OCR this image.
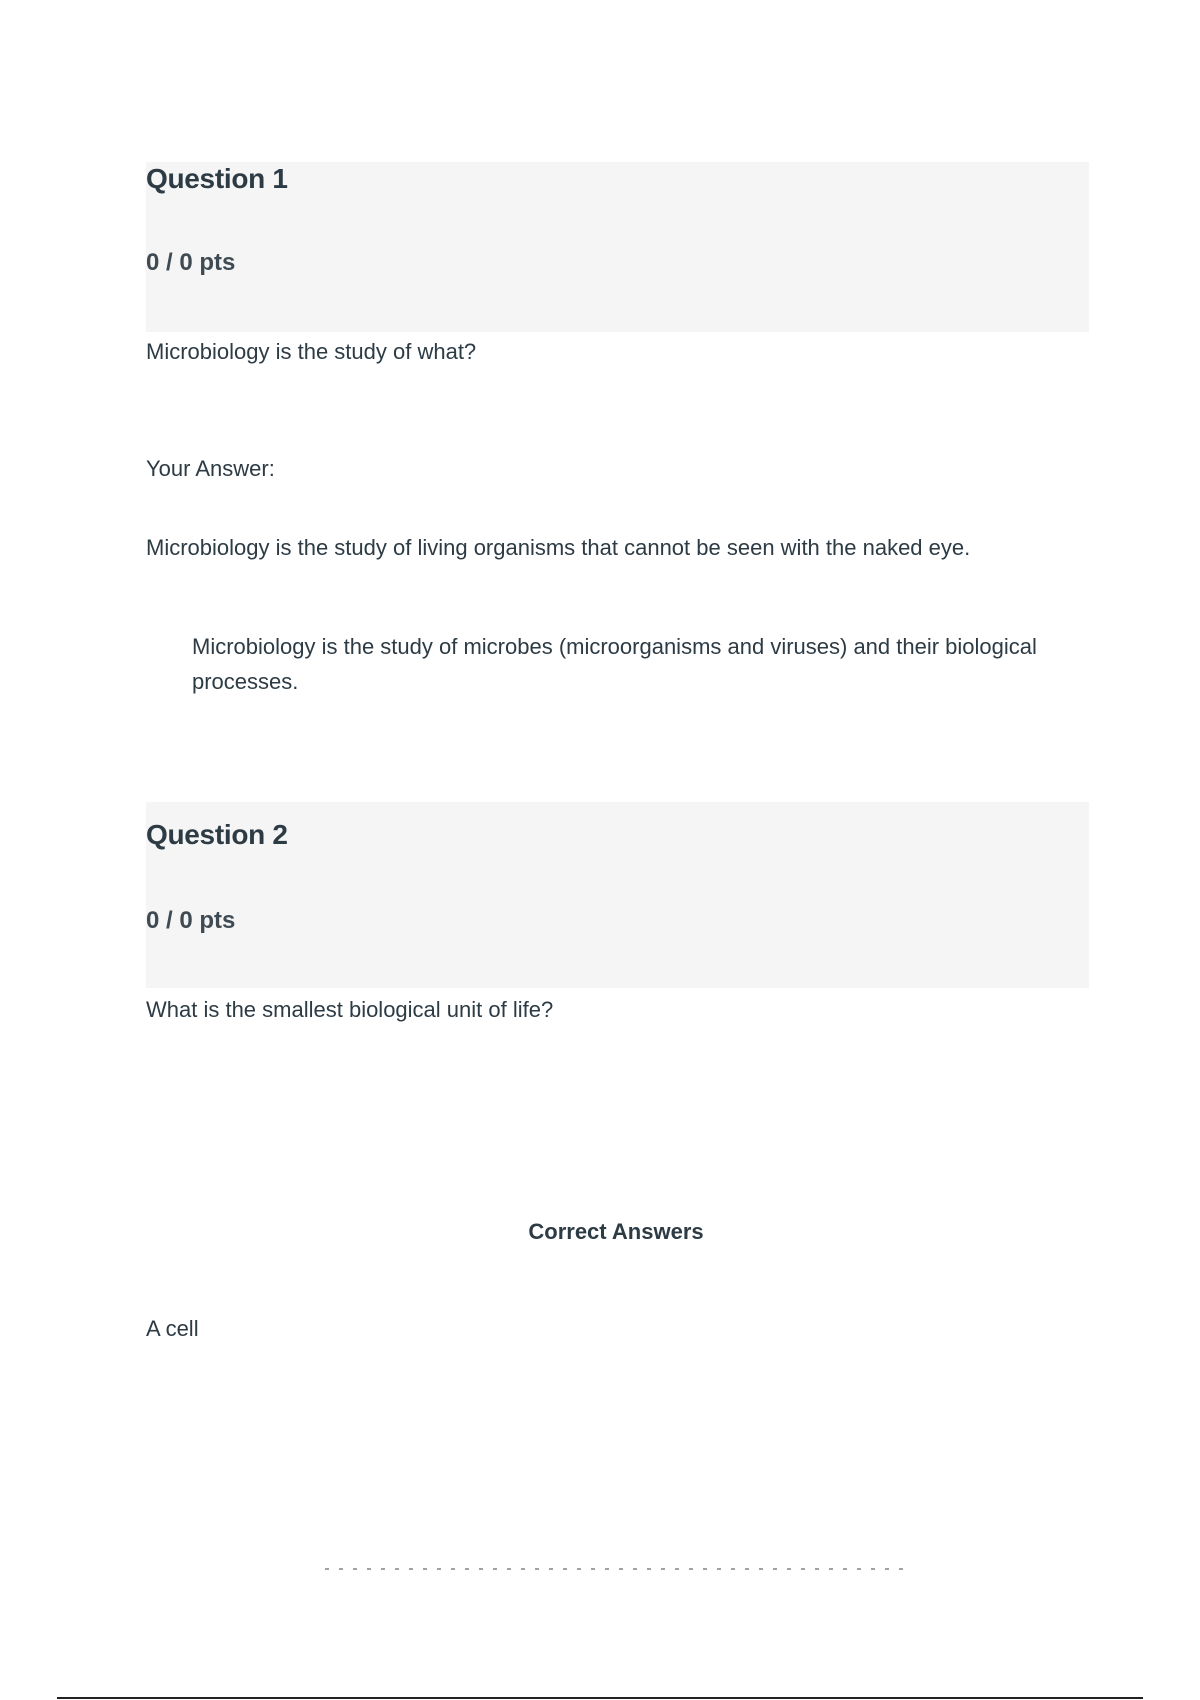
Question 1
0 / 0 pts
Microbiology is the study of what?
Your Answer:
Microbiology is the study of living organisms that cannot be seen with the naked eye.
Microbiology is the study of microbes (microorganisms and viruses) and their biological processes.
Question 2
0 / 0 pts
What is the smallest biological unit of life?
Correct Answers
A cell
